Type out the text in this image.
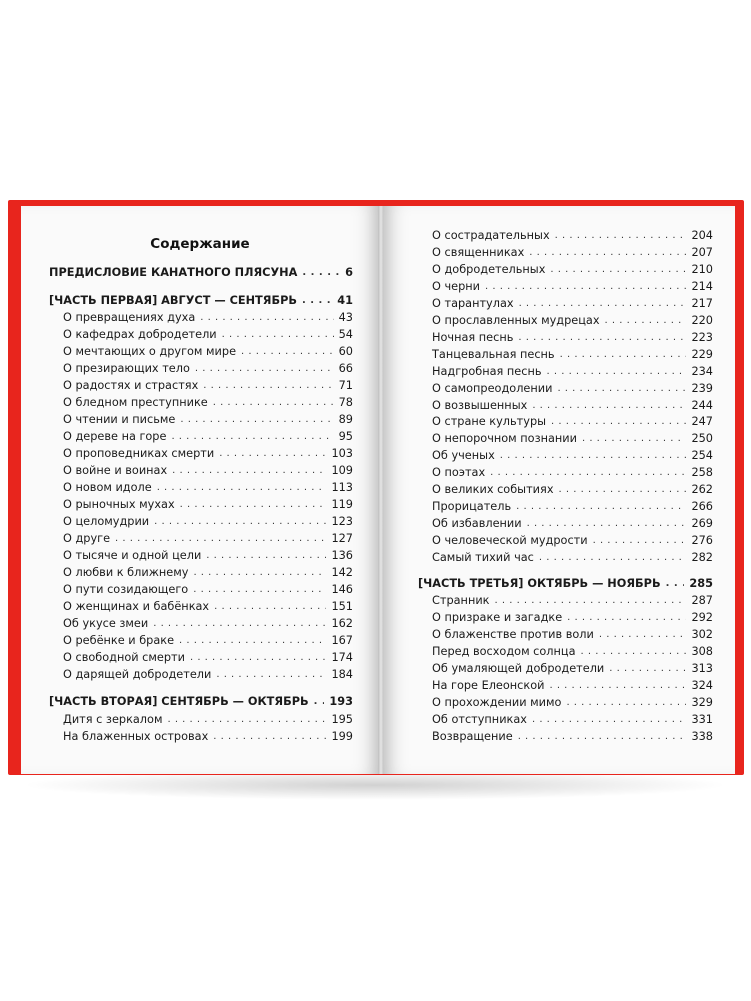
Содержание
ПРЕДИСЛОВИЕ КАНАТНОГО ПЛЯСУНА . . .	6
[ЧАСТЬ ПЕРВАЯ] АВГУСТ — СЕНТЯБРЬ . . .	41
О превращениях духа . . .	43
О кафедрах добродетели . . .	54
О мечтающих о другом мире . . .	60
О презирающих тело . . .	66
О радостях и страстях . . .	71
О бледном преступнике . . .	78
О чтении и письме . . .	89
О дереве на горе . . .	95
О проповедниках смерти . . .	103
О войне и воинах . . .	109
О новом идоле . . .	113
О рыночных мухах . . .	119
О целомудрии . . .	123
О друге . . .	127
О тысяче и одной цели . . .	136
О любви к ближнему . . .	142
О пути созидающего . . .	146
О женщинах и бабёнках . . .	151
Об укусе змеи . . .	162
О ребёнке и браке . . .	167
О свободной смерти . . .	174
О дарящей добродетели . . .	184
[ЧАСТЬ ВТОРАЯ] СЕНТЯБРЬ — ОКТЯБРЬ . . . 193
Дитя с зеркалом . . .	195
На блаженных островах . . .	199
О сострадательных . . .	204
О священниках . . .	207
О добродетельных . . .	210
О черни . . .	214
О тарантулах . . .	217
О прославленных мудрецах . . .	220
Ночная песнь . . .	223
Танцевальная песнь . . .	229
Надгробная песнь . . .	234
О самопреодолении . . .	239
О возвышенных . . .	244
О стране культуры . . .	247
О непорочном познании . . .	250
Об ученых . . .	254
О поэтах . . .	258
О великих событиях . . .	262
Прорицатель . . .	266
Об избавлении . . .	269
О человеческой мудрости . . .	276
Самый тихий час . . .	282
[ЧАСТЬ ТРЕТЬЯ] ОКТЯБРЬ — НОЯБРЬ . . .	285
Странник . . .	287
О призраке и загадке . . .	292
О блаженстве против воли . . .	302
Перед восходом солнца . . .	308
Об умаляющей добродетели . . .	313
На горе Елеонской . . .	324
О прохождении мимо . . .	329
Об отступниках . . .	331
Возвращение . . .	338
